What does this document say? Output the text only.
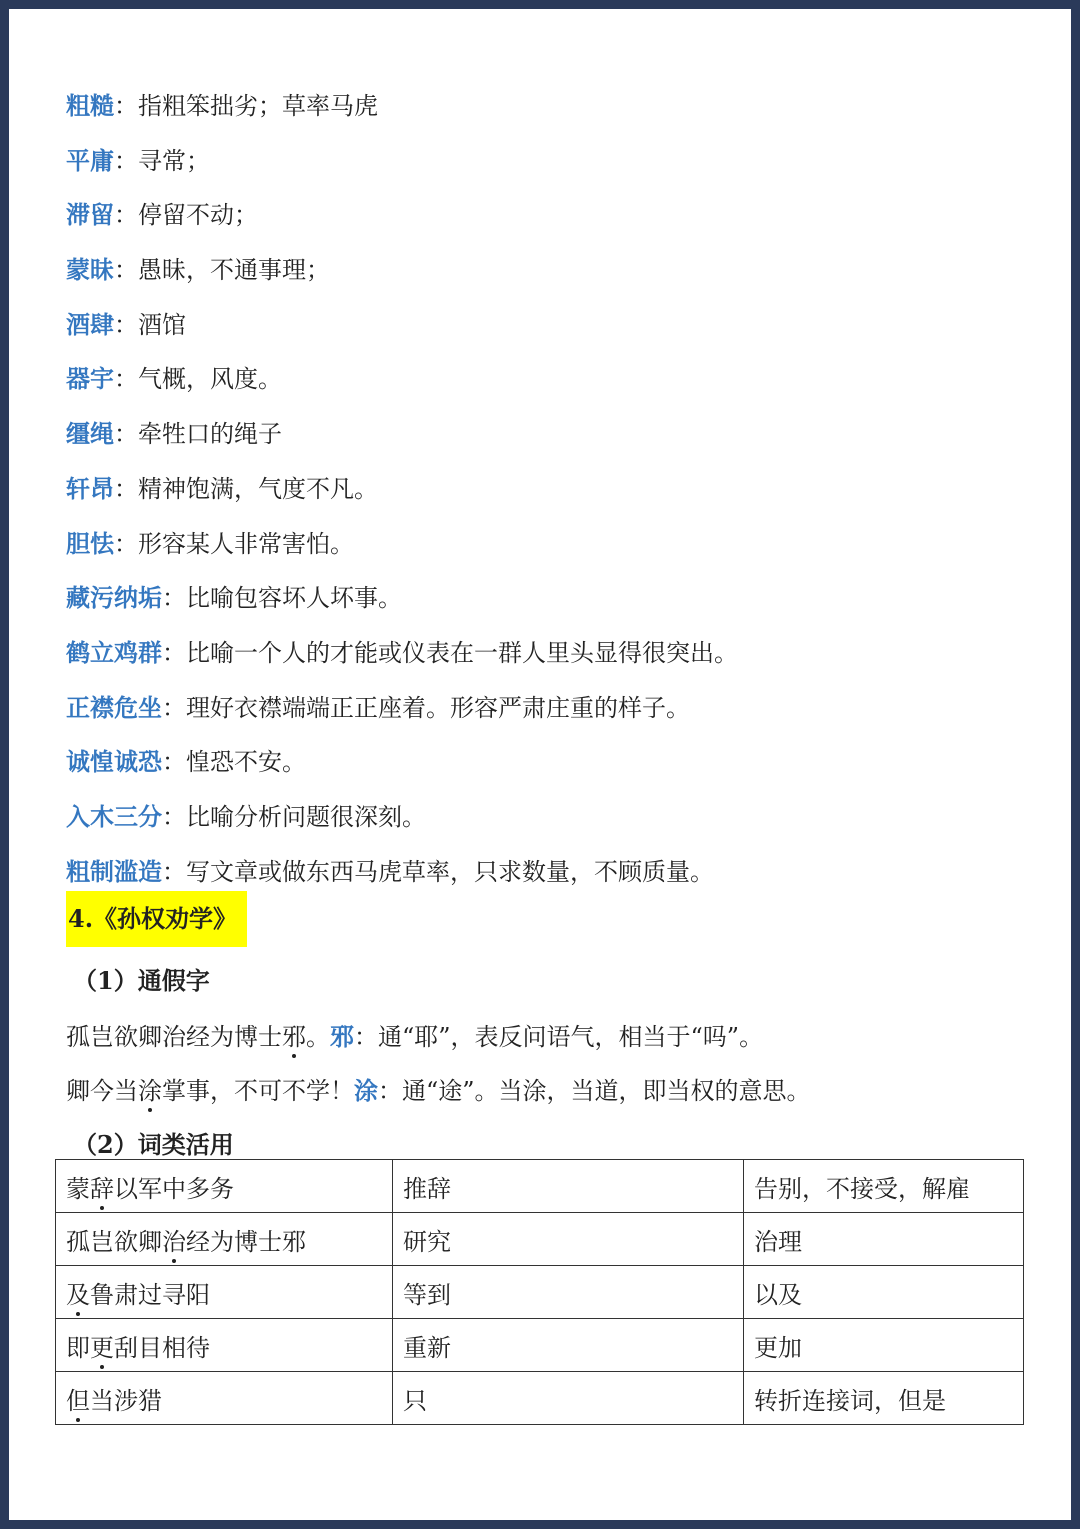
粗糙：指粗笨拙劣；草率马虎
平庸：寻常；
滞留：停留不动；
蒙昧：愚昧，不通事理；
酒肆：酒馆
器宇：气概，风度。
缰绳：牵牲口的绳子
轩昂：精神饱满，气度不凡。
胆怯：形容某人非常害怕。
藏污纳垢：比喻包容坏人坏事。
鹤立鸡群：比喻一个人的才能或仪表在一群人里头显得很突出。
正襟危坐：理好衣襟端端正正座着。形容严肃庄重的样子。
诚惶诚恐：惶恐不安。
入木三分：比喻分析问题很深刻。
粗制滥造：写文章或做东西马虎草率，只求数量，不顾质量。
4.《孙权劝学》
（1）通假字
孤岂欲卿治经为博士邪。邪：通“耶”，表反问语气，相当于“吗”。
卿今当涂掌事，不可不学！涂：通“途”。当涂，当道，即当权的意思。
（2）词类活用
蒙辞以军中多务	推辞	告别，不接受，解雇
孤岂欲卿治经为博士邪	研究	治理
及鲁肃过寻阳	等到	以及
即更刮目相待	重新	更加
但当涉猎	只	转折连接词，但是
